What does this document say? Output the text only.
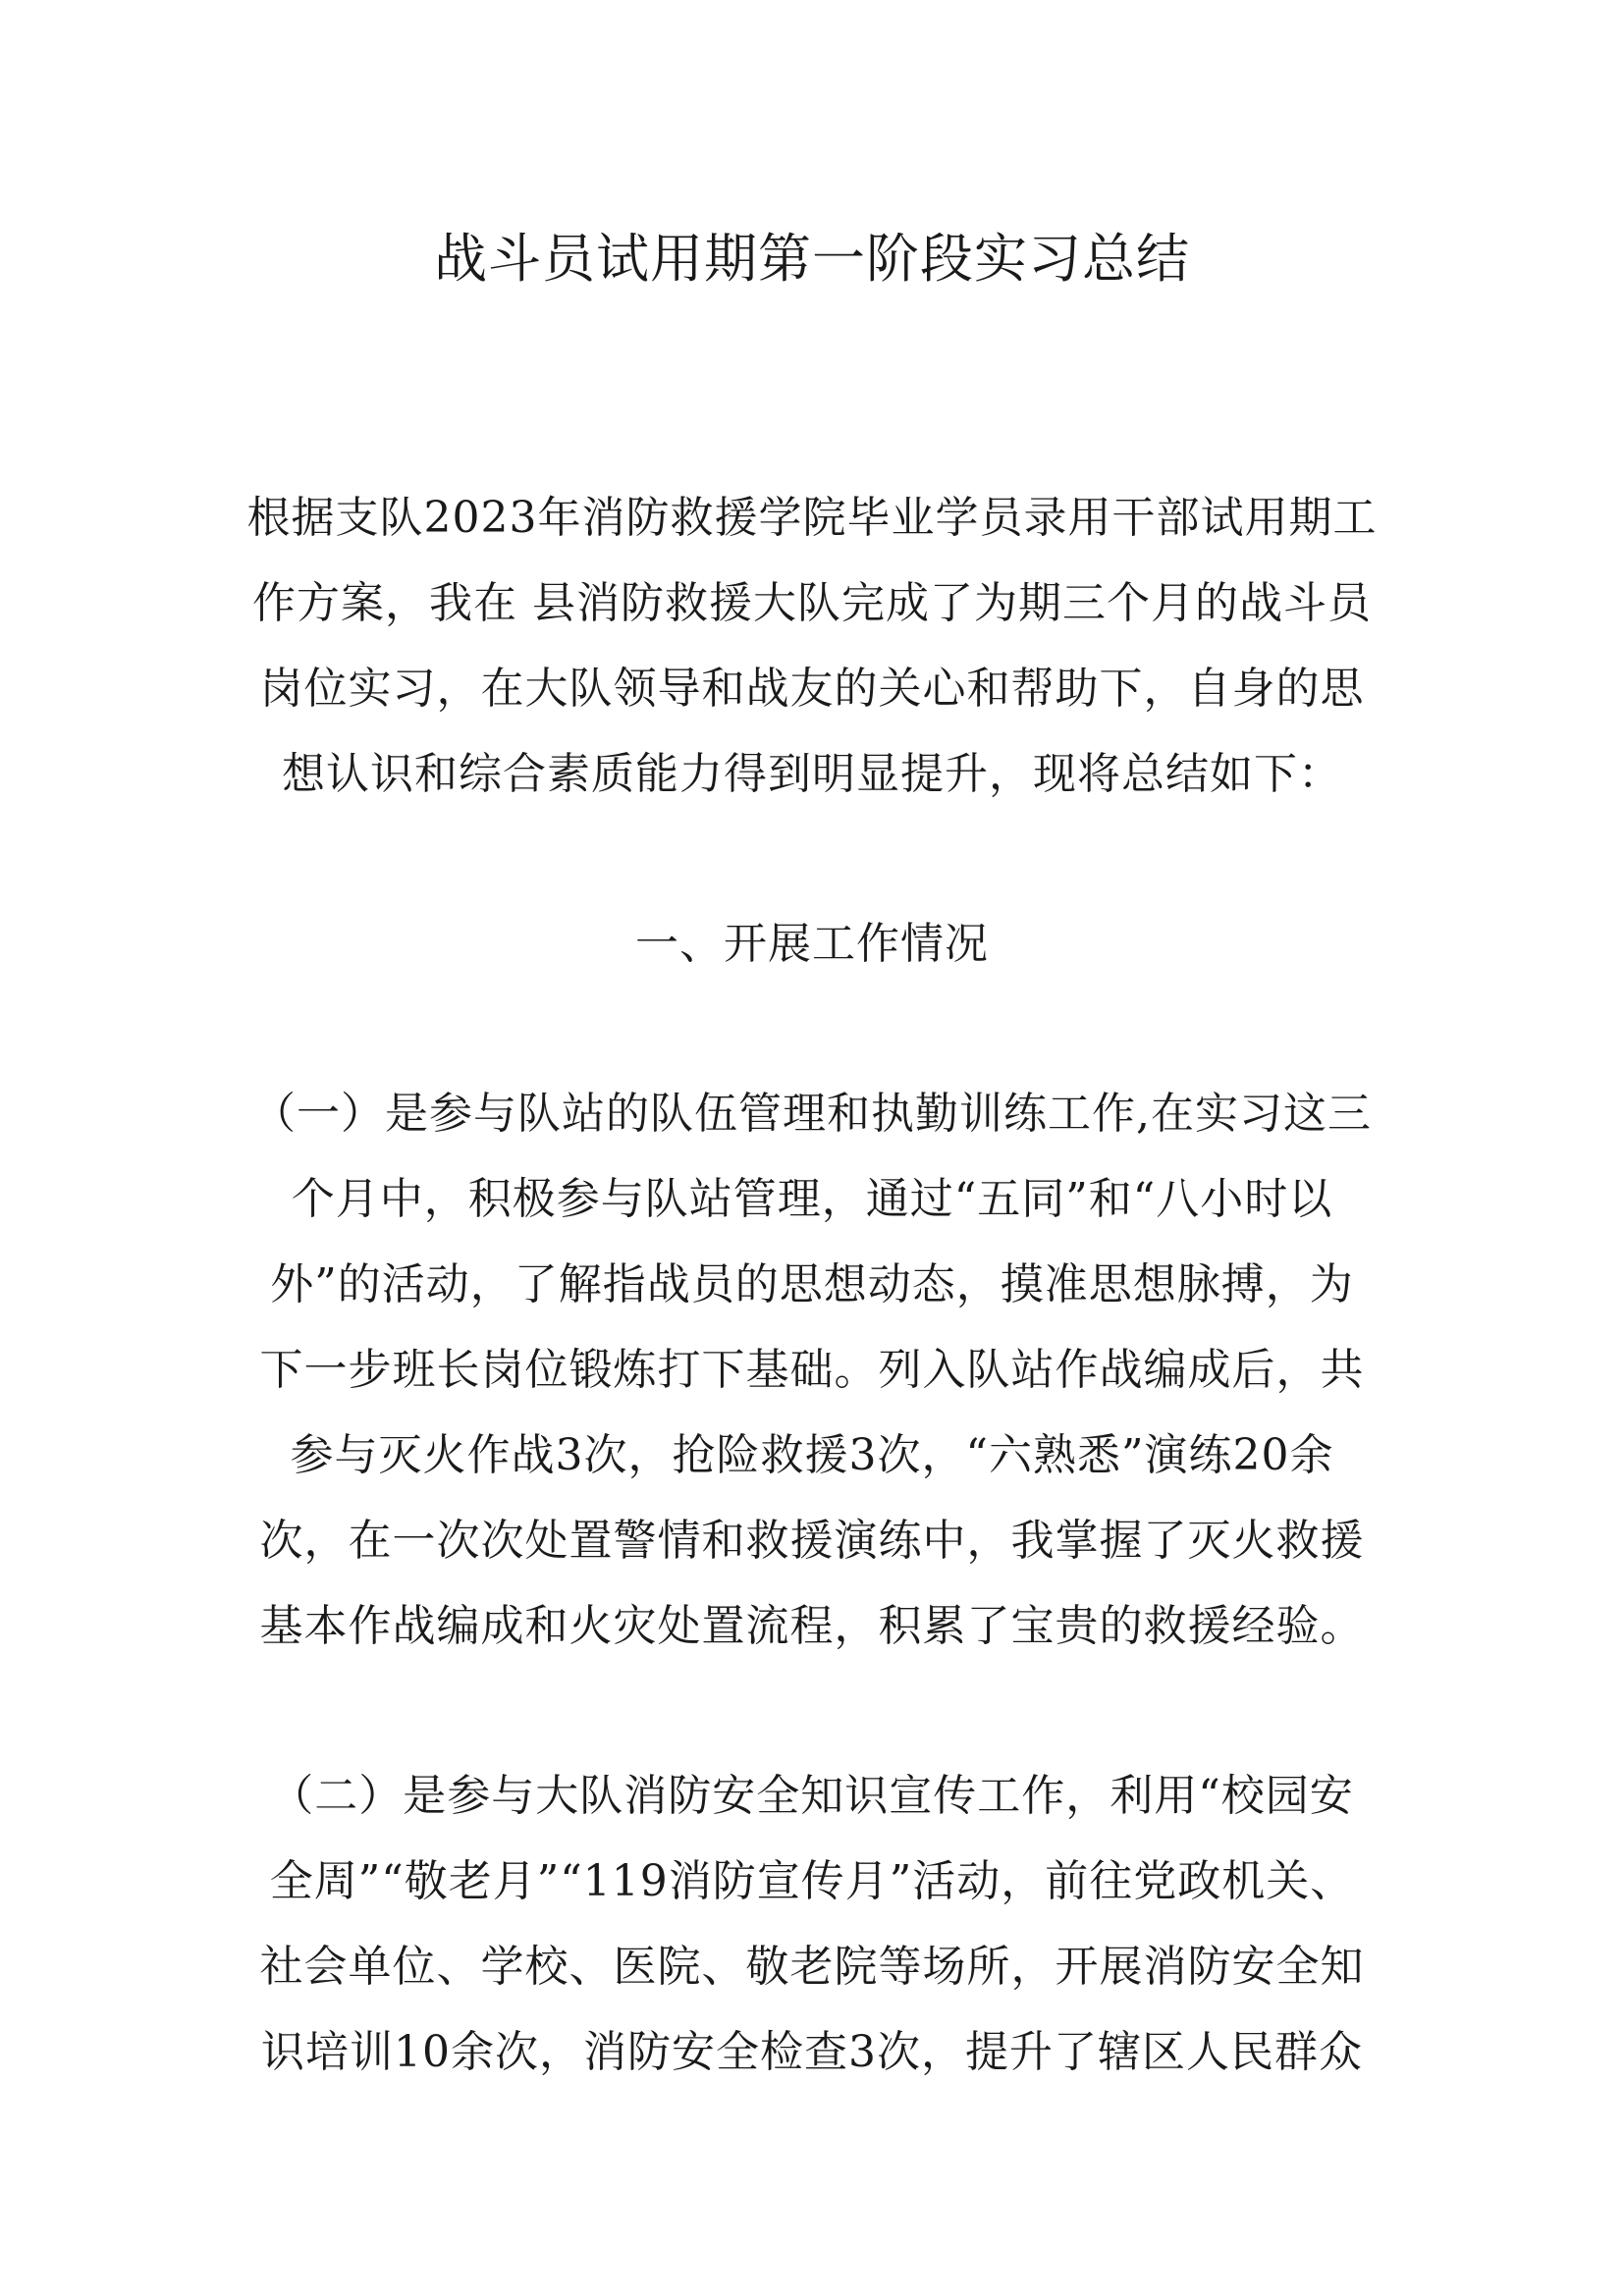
战斗员试用期第一阶段实习总结
根据支队2023年消防救援学院毕业学员录用干部试用期工
作方案，我在 县消防救援大队完成了为期三个月的战斗员
岗位实习，在大队领导和战友的关心和帮助下，自身的思
想认识和综合素质能力得到明显提升，现将总结如下：
一、开展工作情况
（一）是参与队站的队伍管理和执勤训练工作,在实习这三
个月中，积极参与队站管理，通过“五同”和“八小时以
外”的活动，了解指战员的思想动态，摸准思想脉搏，为
下一步班长岗位锻炼打下基础。列入队站作战编成后，共
参与灭火作战3次，抢险救援3次，“六熟悉”演练20余
次，在一次次处置警情和救援演练中，我掌握了灭火救援
基本作战编成和火灾处置流程，积累了宝贵的救援经验。
（二）是参与大队消防安全知识宣传工作，利用“校园安
全周”“敬老月”“119消防宣传月”活动，前往党政机关、
社会单位、学校、医院、敬老院等场所，开展消防安全知
识培训10余次，消防安全检查3次，提升了辖区人民群众
